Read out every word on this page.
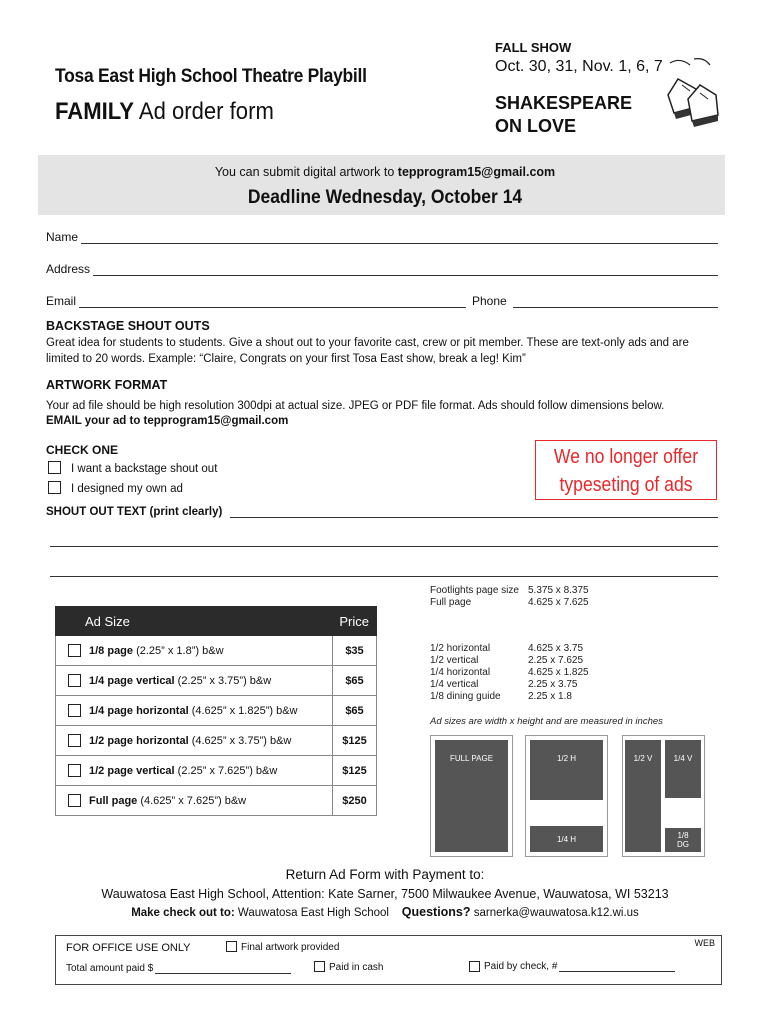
Tosa East High School Theatre Playbill
FAMILY Ad order form
FALL SHOW
Oct. 30, 31, Nov. 1, 6, 7
SHAKESPEARE
ON LOVE
You can submit digital artwork to tepprogram15@gmail.com
Deadline Wednesday, October 14
Name
Address
Email	Phone
BACKSTAGE SHOUT OUTS
Great idea for students to students. Give a shout out to your favorite cast, crew or pit member. These are text-only ads and are limited to 20 words. Example: “Claire, Congrats on your first Tosa East show, break a leg! Kim”
ARTWORK FORMAT
Your ad file should be high resolution 300dpi at actual size. JPEG or PDF file format. Ads should follow dimensions below.
EMAIL your ad to tepprogram15@gmail.com
CHECK ONE
I want a backstage shout out
I designed my own ad
We no longer offer
typeseting of ads
SHOUT OUT TEXT (print clearly)
Ad Size	Price
1/8 page (2.25” x 1.8”) b&w	$35
1/4 page vertical (2.25” x 3.75”) b&w	$65
1/4 page horizontal (4.625” x 1.825”) b&w	$65
1/2 page horizontal (4.625” x 3.75”) b&w	$125
1/2 page vertical (2.25” x 7.625”) b&w	$125
Full page (4.625” x 7.625”) b&w	$250
Footlights page size 5.375 x 8.375
Full page	4.625 x 7.625
1/2 horizontal	4.625 x 3.75
1/2 vertical	2.25 x 7.625
1/4 horizontal	4.625 x 1.825
1/4 vertical	2.25 x 3.75
1/8 dining guide	2.25 x 1.8
Ad sizes are width x height and are measured in inches
FULL PAGE	1/2 H
1/4 H
1/2 V	1/4 V
1/8
DG
Return Ad Form with Payment to:
Wauwatosa East High School, Attention: Kate Sarner, 7500 Milwaukee Avenue, Wauwatosa, WI 53213
Make check out to: Wauwatosa East High School Questions? sarnerka@wauwatosa.k12.wi.us
FOR OFFICE USE ONLY	Final artwork provided	WEB
Total amount paid $	Paid in cash	Paid by check, #
